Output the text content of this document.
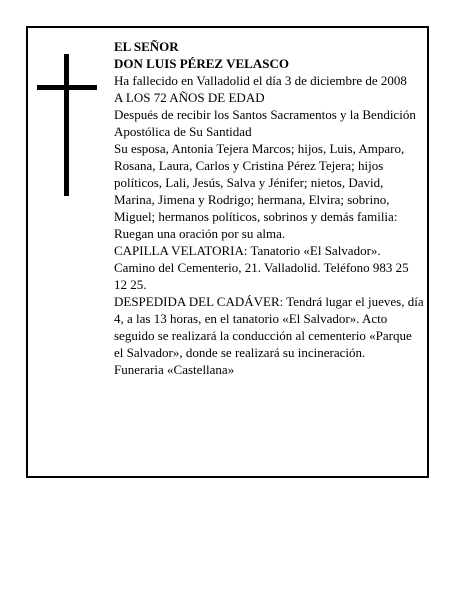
EL SEÑOR

DON LUIS PÉREZ VELASCO

Ha fallecido en Valladolid el día 3 de diciembre de 2008

A LOS 72 AÑOS DE EDAD

Después de recibir los Santos Sacramentos y la Bendición Apostólica de Su Santidad

Su esposa, Antonia Tejera Marcos; hijos, Luis, Amparo, Rosana, Laura, Carlos y Cristina Pérez Tejera; hijos políticos, Lali, Jesús, Salva y Jénifer; nietos, David, Marina, Jimena y Rodrigo; hermana, Elvira; sobrino, Miguel; hermanos políticos, sobrinos y demás familia:

Ruegan una oración por su alma.

CAPILLA VELATORIA: Tanatorio «El Salvador». Camino del Cementerio, 21. Valladolid. Teléfono 983 25 12 25.

DESPEDIDA DEL CADÁVER: Tendrá lugar el jueves, día 4, a las 13 horas, en el tanatorio «El Salvador». Acto seguido se realizará la conducción al cementerio «Parque el Salvador», donde se realizará su incineración.

Funeraria «Castellana»
